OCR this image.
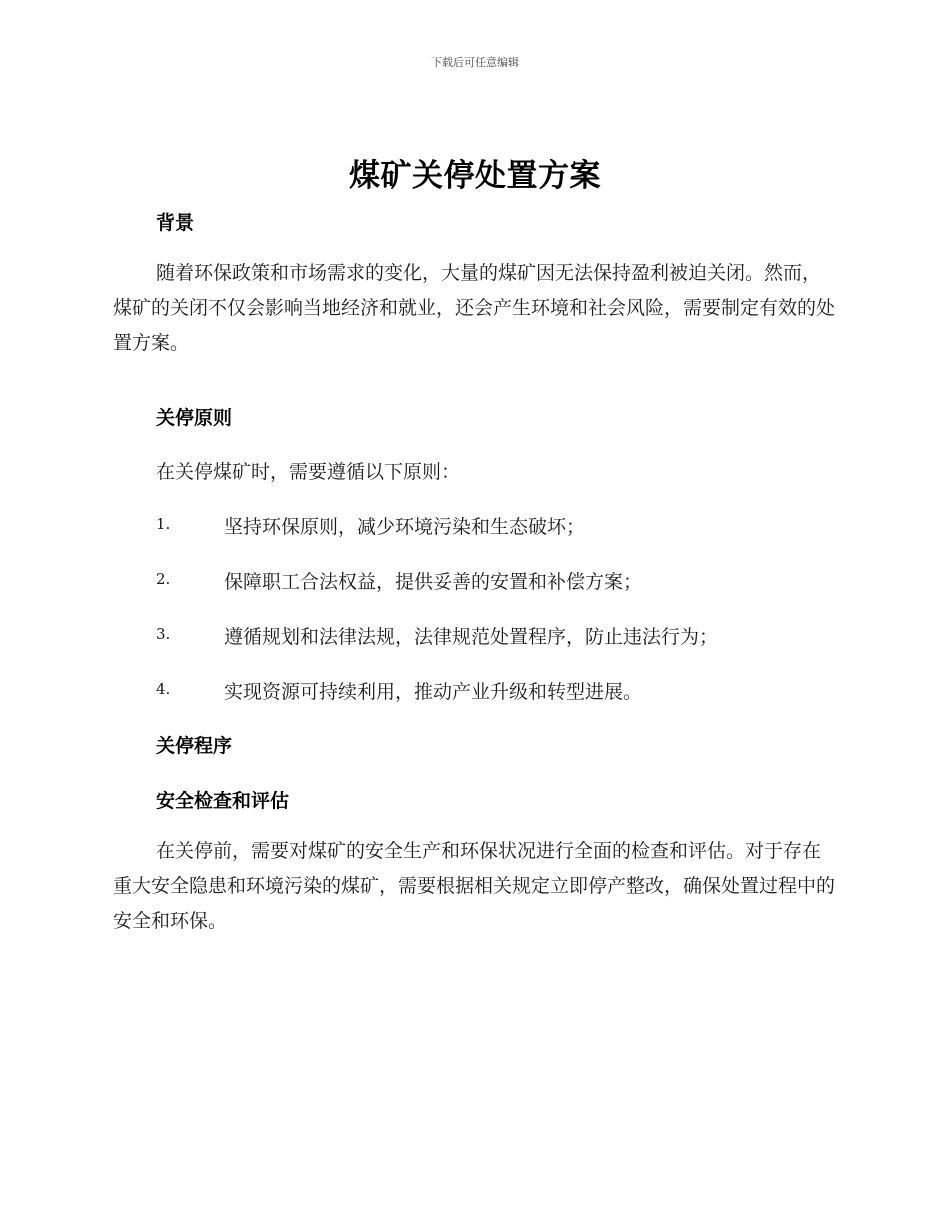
下载后可任意编辑
煤矿关停处置方案
背景
随着环保政策和市场需求的变化，大量的煤矿因无法保持盈利被迫关闭。然而，煤矿的关闭不仅会影响当地经济和就业，还会产生环境和社会风险，需要制定有效的处置方案。
关停原则
在关停煤矿时，需要遵循以下原则：
1.	坚持环保原则，减少环境污染和生态破坏；
2.	保障职工合法权益，提供妥善的安置和补偿方案；
3.	遵循规划和法律法规，法律规范处置程序，防止违法行为；
4.	实现资源可持续利用，推动产业升级和转型进展。
关停程序
安全检查和评估
在关停前，需要对煤矿的安全生产和环保状况进行全面的检查和评估。对于存在重大安全隐患和环境污染的煤矿，需要根据相关规定立即停产整改，确保处置过程中的安全和环保。
